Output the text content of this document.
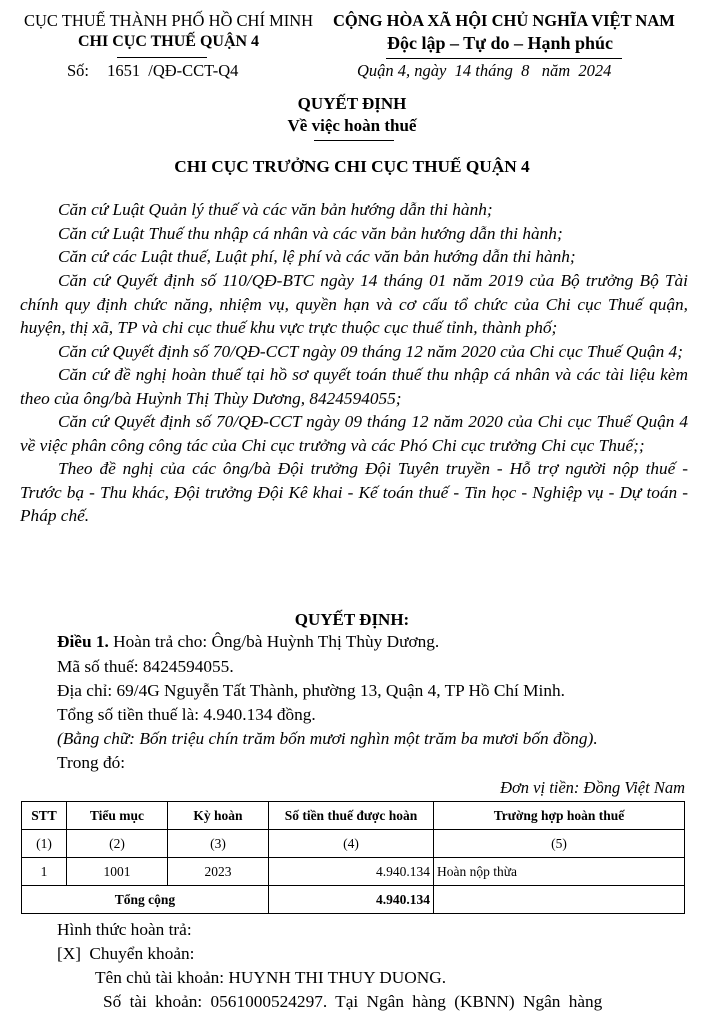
CỤC THUẾ THÀNH PHỐ HỒ CHÍ MINH
CHI CỤC THUẾ QUẬN 4
CỘNG HÒA XÃ HỘI CHỦ NGHĨA VIỆT NAM
Độc lập – Tự do – Hạnh phúc
Số: 1651 /QĐ-CCT-Q4	Quận 4, ngày  14 tháng  8   năm  2024
QUYẾT ĐỊNH
Về việc hoàn thuế
CHI CỤC TRƯỞNG CHI CỤC THUẾ QUẬN 4

Căn cứ Luật Quản lý thuế và các văn bản hướng dẫn thi hành;

Căn cứ Luật Thuế thu nhập cá nhân và các văn bản hướng dẫn thi hành;

Căn cứ các Luật thuế, Luật phí, lệ phí và các văn bản hướng dẫn thi hành;

Căn cứ Quyết định số 110/QĐ-BTC ngày 14 tháng 01 năm 2019 của Bộ trưởng Bộ Tài chính quy định chức năng, nhiệm vụ, quyền hạn và cơ cấu tổ chức của Chi cục Thuế quận, huyện, thị xã, TP và chi cục thuế khu vực trực thuộc cục thuế tỉnh, thành phố;

Căn cứ Quyết định số 70/QĐ-CCT ngày 09 tháng 12 năm 2020 của Chi cục Thuế Quận 4;

Căn cứ đề nghị hoàn thuế tại hồ sơ quyết toán thuế thu nhập cá nhân và các tài liệu kèm theo của ông/bà Huỳnh Thị Thùy Dương, 8424594055;

Căn cứ Quyết định số 70/QĐ-CCT ngày 09 tháng 12 năm 2020 của Chi cục Thuế Quận 4 về việc phân công công tác của Chi cục trưởng và các Phó Chi cục trưởng Chi cục Thuế;;

Theo đề nghị của các ông/bà Đội trưởng Đội Tuyên truyền - Hỗ trợ người nộp thuế - Trước bạ - Thu khác, Đội trưởng Đội Kê khai - Kế toán thuế - Tin học - Nghiệp vụ - Dự toán - Pháp chế.

QUYẾT ĐỊNH:
Điều 1. Hoàn trả cho: Ông/bà Huỳnh Thị Thùy Dương.
Mã số thuế: 8424594055.
Địa chỉ: 69/4G Nguyễn Tất Thành, phường 13, Quận 4, TP Hồ Chí Minh.
Tổng số tiền thuế là: 4.940.134 đồng.
(Bằng chữ: Bốn triệu chín trăm bốn mươi nghìn một trăm ba mươi bốn đồng).
Trong đó:
Đơn vị tiền: Đồng Việt Nam
STT	Tiểu mục	Kỳ hoàn	Số tiền thuế được hoàn	Trường hợp hoàn thuế
(1)	(2)	(3)	(4)	(5)
1	1001	2023	4.940.134	Hoàn nộp thừa
Tổng cộng			4.940.134	
Hình thức hoàn trả:
[X] Chuyển khoản:
Tên chủ tài khoản: HUYNH THI THUY DUONG.
Số tài khoản: 0561000524297. Tại Ngân hàng (KBNN) Ngân hàng
